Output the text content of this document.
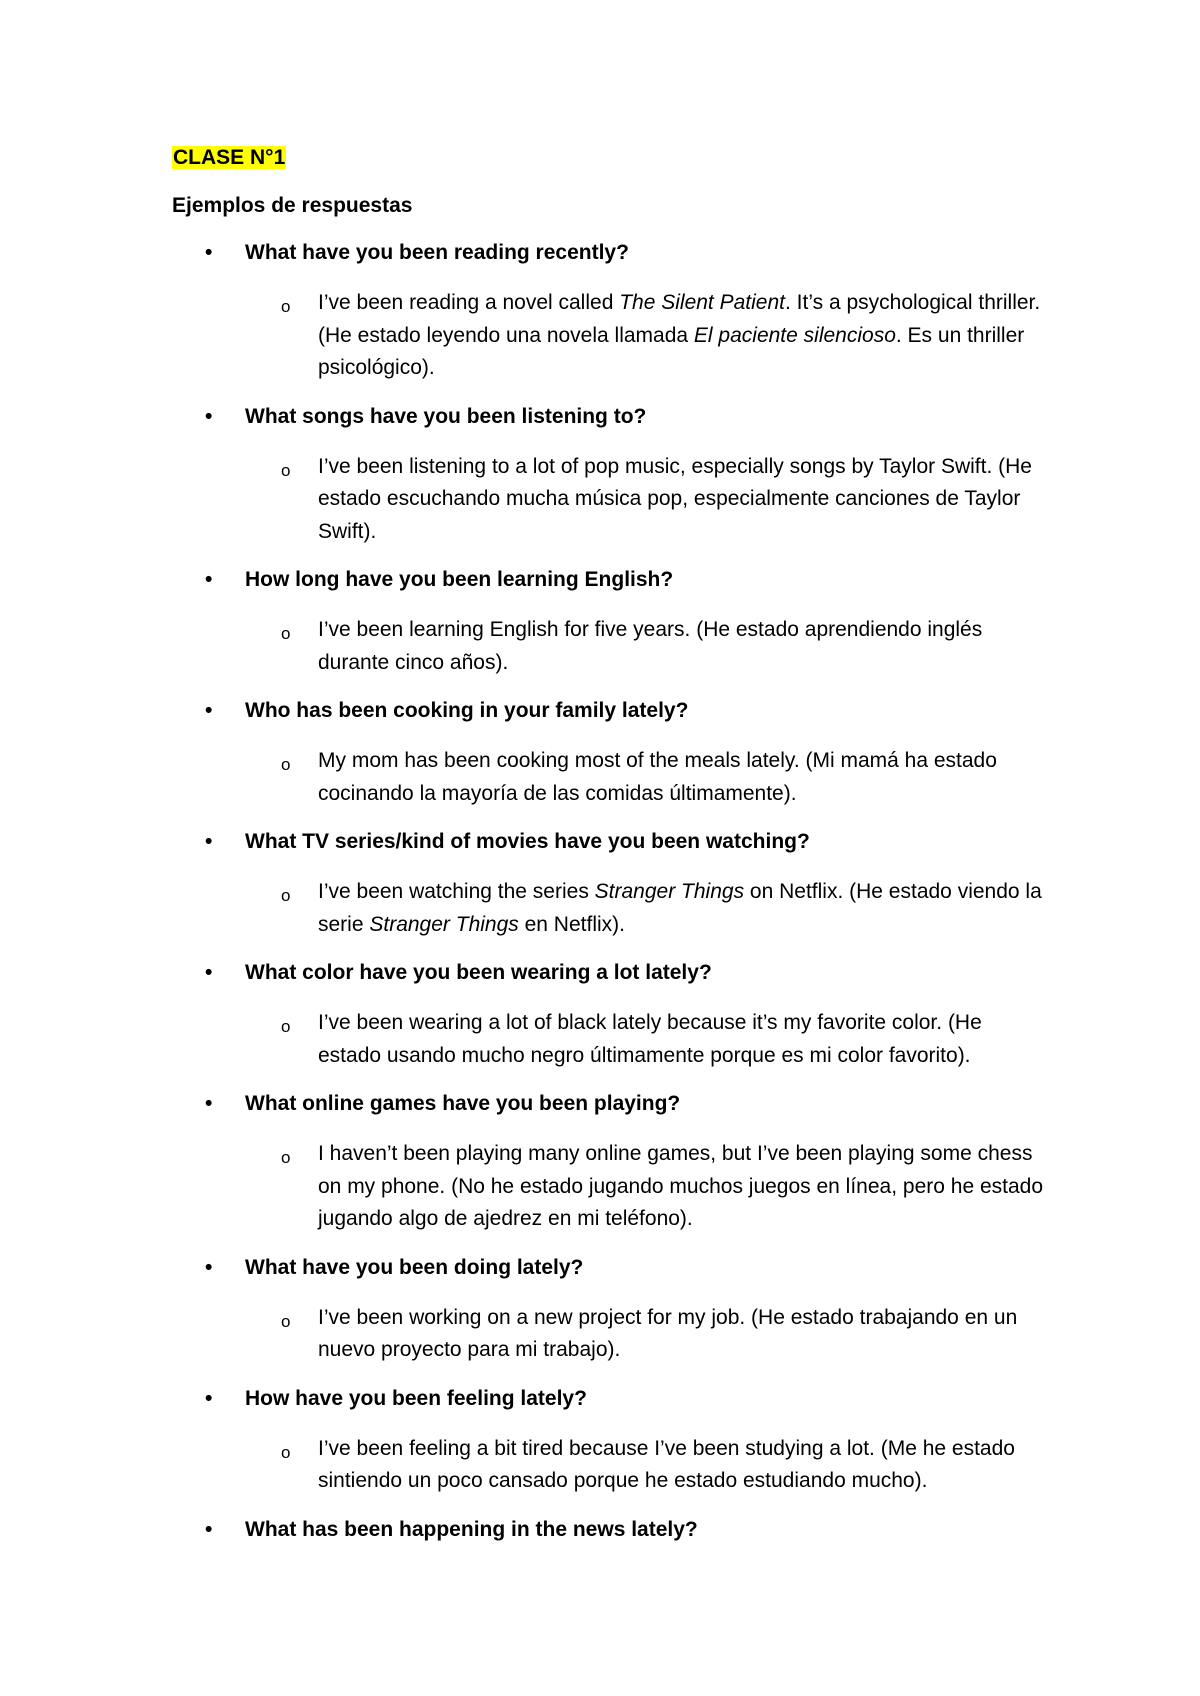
CLASE N°1
Ejemplos de respuestas
• What have you been reading recently?
o I’ve been reading a novel called The Silent Patient. It’s a psychological thriller. (He estado leyendo una novela llamada El paciente silencioso. Es un thriller psicológico).
• What songs have you been listening to?
o I’ve been listening to a lot of pop music, especially songs by Taylor Swift. (He estado escuchando mucha música pop, especialmente canciones de Taylor Swift).
• How long have you been learning English?
o I’ve been learning English for five years. (He estado aprendiendo inglés durante cinco años).
• Who has been cooking in your family lately?
o My mom has been cooking most of the meals lately. (Mi mamá ha estado cocinando la mayoría de las comidas últimamente).
• What TV series/kind of movies have you been watching?
o I’ve been watching the series Stranger Things on Netflix. (He estado viendo la serie Stranger Things en Netflix).
• What color have you been wearing a lot lately?
o I’ve been wearing a lot of black lately because it’s my favorite color. (He estado usando mucho negro últimamente porque es mi color favorito).
• What online games have you been playing?
o I haven’t been playing many online games, but I’ve been playing some chess on my phone. (No he estado jugando muchos juegos en línea, pero he estado jugando algo de ajedrez en mi teléfono).
• What have you been doing lately?
o I’ve been working on a new project for my job. (He estado trabajando en un nuevo proyecto para mi trabajo).
• How have you been feeling lately?
o I’ve been feeling a bit tired because I’ve been studying a lot. (Me he estado sintiendo un poco cansado porque he estado estudiando mucho).
• What has been happening in the news lately?
